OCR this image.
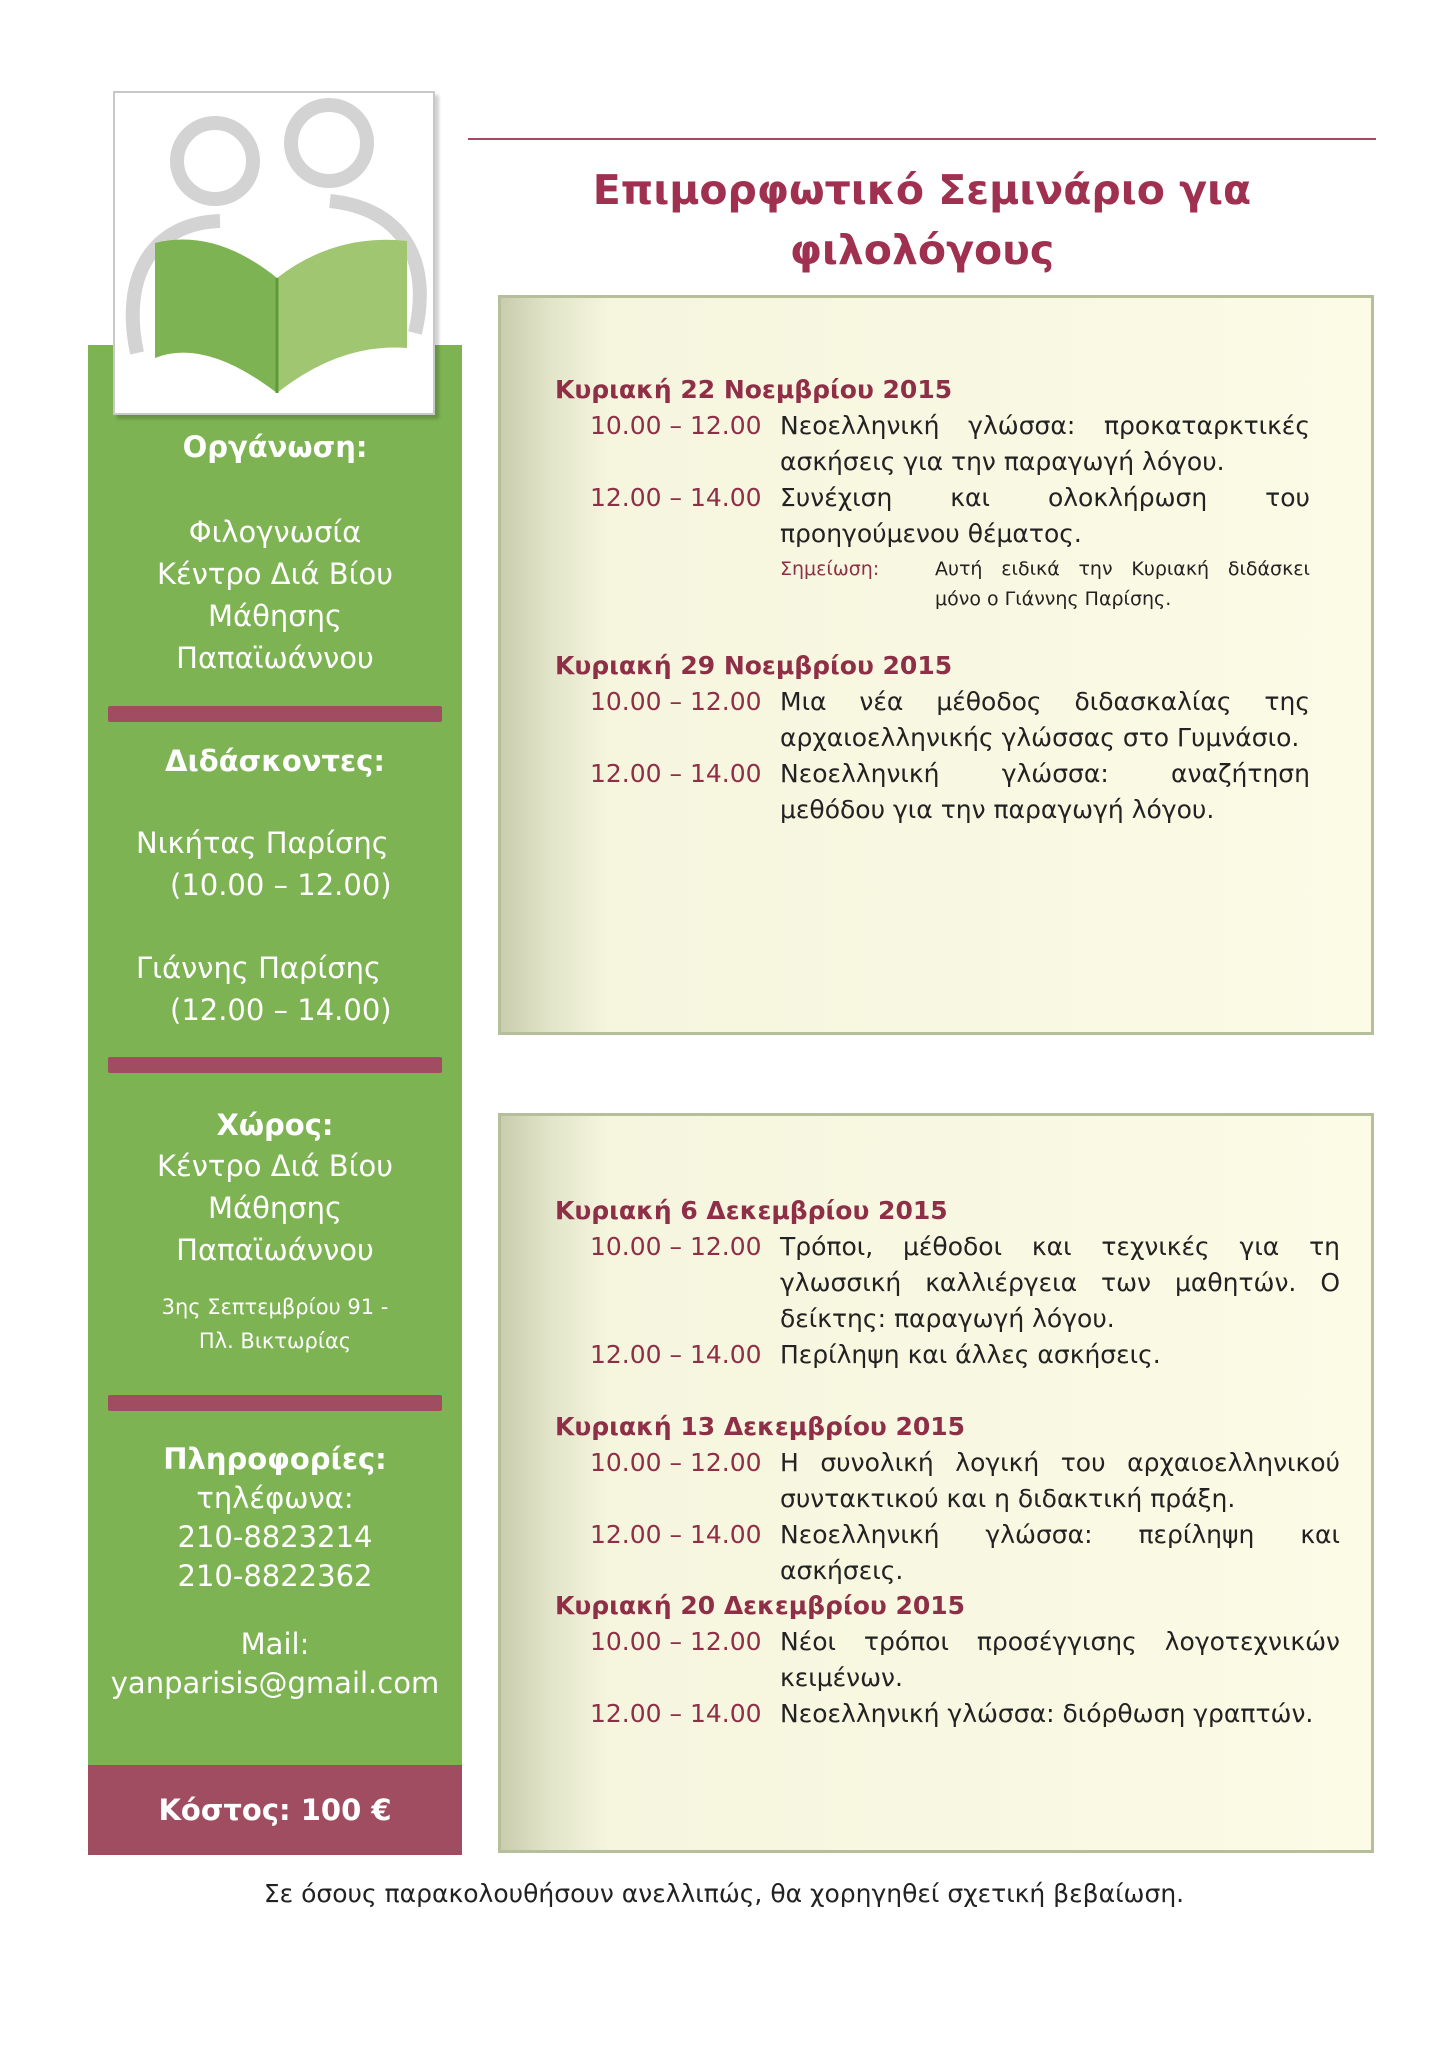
Οργάνωση:

Φιλογνωσία

Κέντρο Διά Βίου

Μάθησης

Παπαϊωάννου

Διδάσκοντες:

Νικήτας Παρίσης
(10.00 – 12.00)
Γιάννης Παρίσης
(12.00 – 14.00)

Χώρος:

Κέντρο Διά Βίου

Μάθησης

Παπαϊωάννου

3ης Σεπτεμβρίου 91 -

Πλ. Βικτωρίας

Πληροφορίες:

τηλέφωνα:

210-8823214

210-8822362

Mail:

yanparisis@gmail.com

Κόστος: 100 €
Επιμορφωτικό Σεμινάριο για φιλολόγους

Κυριακή 22 Νοεμβρίου 2015

10.00 – 12.00 Νεοελληνική γλώσσα: προκαταρκτικές ασκήσεις για την παραγωγή λόγου.
12.00 – 14.00 Συνέχιση και ολοκλήρωση του προηγούμενου θέματος.
Σημείωση:	Αυτή ειδικά την Κυριακή διδάσκει μόνο ο Γιάννης Παρίσης.

Κυριακή 29 Νοεμβρίου 2015

10.00 – 12.00 Μια νέα μέθοδος διδασκαλίας της αρχαιοελληνικής γλώσσας στο Γυμνάσιο.
12.00 – 14.00 Νεοελληνική γλώσσα: αναζήτηση μεθόδου για την παραγωγή λόγου.

Κυριακή 6 Δεκεμβρίου 2015

10.00 – 12.00 Τρόποι, μέθοδοι και τεχνικές για τη γλωσσική καλλιέργεια των μαθητών. Ο δείκτης: παραγωγή λόγου.
12.00 – 14.00 Περίληψη και άλλες ασκήσεις.

Κυριακή 13 Δεκεμβρίου 2015

10.00 – 12.00 Η συνολική λογική του αρχαιοελληνικού συντακτικού και η διδακτική πράξη.
12.00 – 14.00 Νεοελληνική γλώσσα: περίληψη και ασκήσεις.

Κυριακή 20 Δεκεμβρίου 2015

10.00 – 12.00 Νέοι τρόποι προσέγγισης λογοτεχνικών κειμένων.
12.00 – 14.00 Νεοελληνική γλώσσα: διόρθωση γραπτών.

Σε όσους παρακολουθήσουν ανελλιπώς, θα χορηγηθεί σχετική βεβαίωση.
